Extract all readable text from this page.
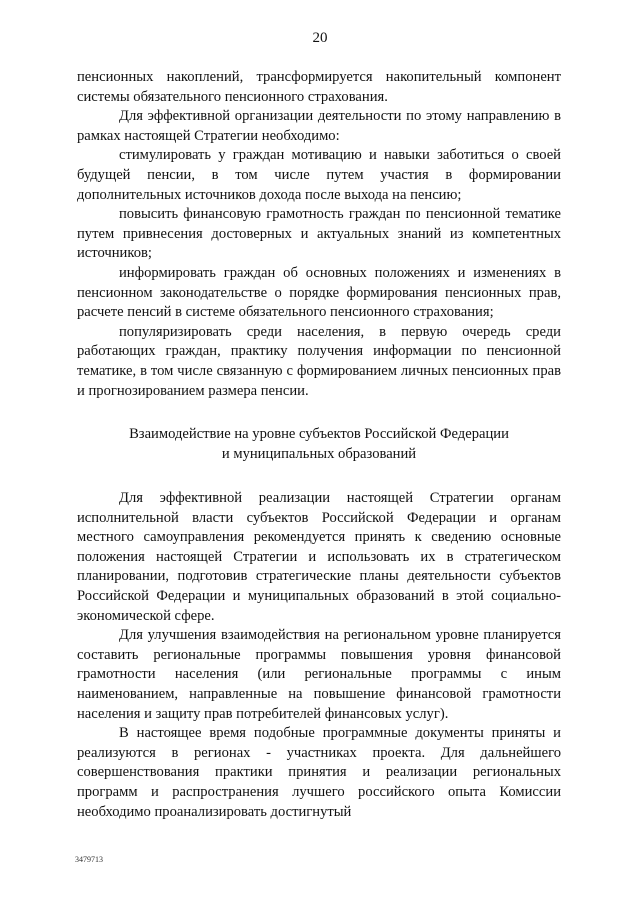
20

пенсионных накоплений, трансформируется накопительный компонент системы обязательного пенсионного страхования.

Для эффективной организации деятельности по этому направлению в рамках настоящей Стратегии необходимо:

стимулировать у граждан мотивацию и навыки заботиться о своей будущей пенсии, в том числе путем участия в формировании дополнительных источников дохода после выхода на пенсию;

повысить финансовую грамотность граждан по пенсионной тематике путем привнесения достоверных и актуальных знаний из компетентных источников;

информировать граждан об основных положениях и изменениях в пенсионном законодательстве о порядке формирования пенсионных прав, расчете пенсий в системе обязательного пенсионного страхования;

популяризировать среди населения, в первую очередь среди работающих граждан, практику получения информации по пенсионной тематике, в том числе связанную с формированием личных пенсионных прав и прогнозированием размера пенсии.

Взаимодействие на уровне субъектов Российской Федерации
и муниципальных образований

Для эффективной реализации настоящей Стратегии органам исполнительной власти субъектов Российской Федерации и органам местного самоуправления рекомендуется принять к сведению основные положения настоящей Стратегии и использовать их в стратегическом планировании, подготовив стратегические планы деятельности субъектов Российской Федерации и муниципальных образований в этой социально-экономической сфере.

Для улучшения взаимодействия на региональном уровне планируется составить региональные программы повышения уровня финансовой грамотности населения (или региональные программы с иным наименованием, направленные на повышение финансовой грамотности населения и защиту прав потребителей финансовых услуг).

В настоящее время подобные программные документы приняты и реализуются в регионах - участниках проекта. Для дальнейшего совершенствования практики принятия и реализации региональных программ и распространения лучшего российского опыта Комиссии необходимо проанализировать достигнутый

3479713
